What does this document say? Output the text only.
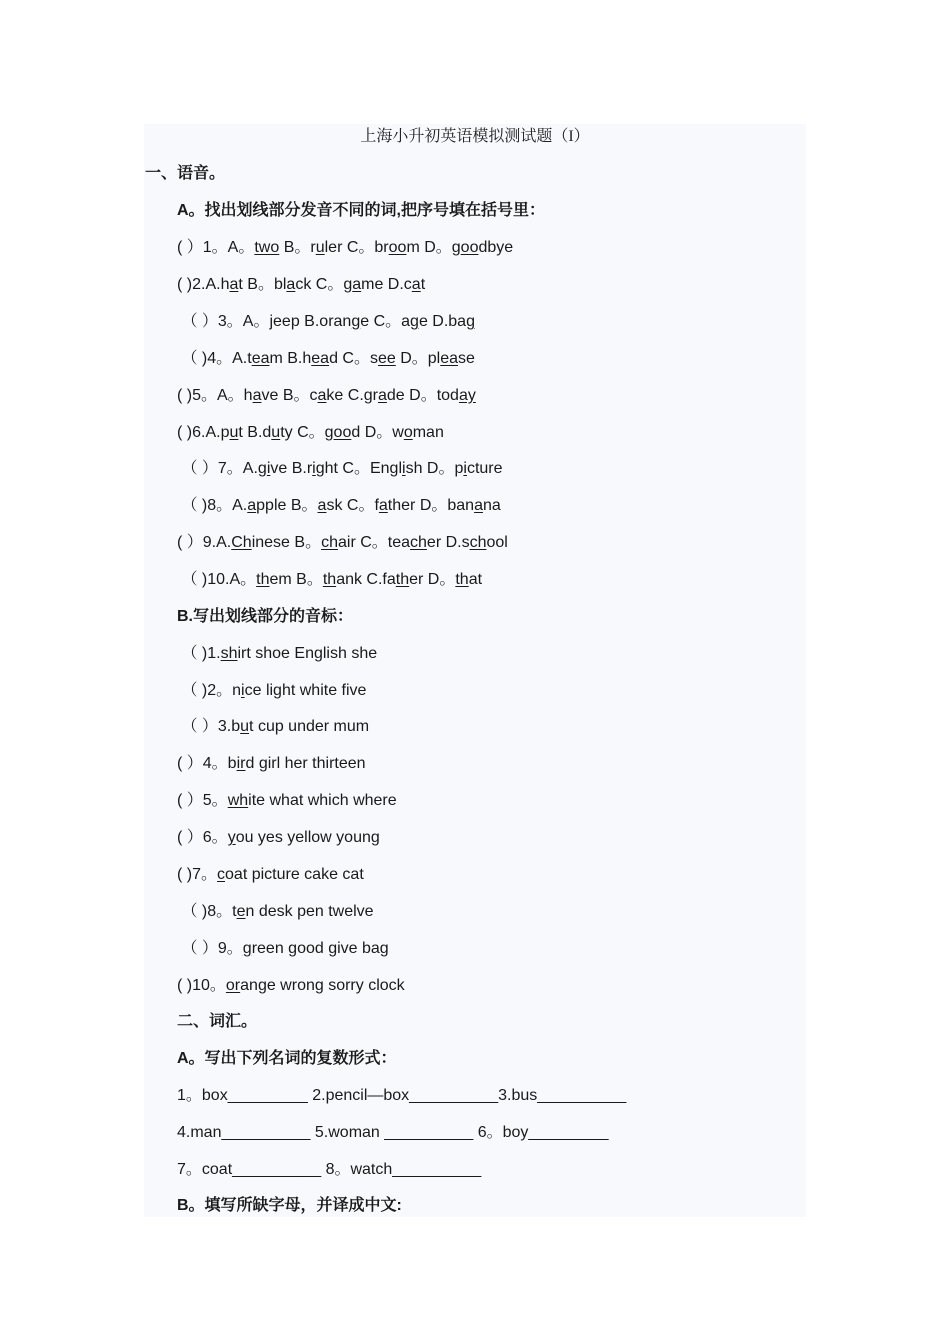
上海小升初英语模拟测试题（I）
一、语音。
A。找出划线部分发音不同的词,把序号填在括号里：
( ）1。A。two B。ruler C。broom D。goodbye
( )2.A.hat B。black C。game D.cat
（ ）3。A。jeep B.orange C。age D.bag
（ )4。A.team B.head C。see D。please
( )5。A。have B。cake C.grade D。today
( )6.A.put B.duty C。good D。woman
（ ）7。A.give B.right C。English D。picture
（ )8。A.apple B。ask C。father D。banana
( ）9.A.Chinese B。chair C。teacher D.school
（ )10.A。them B。thank C.father D。that
B.写出划线部分的音标：
（ )1.shirt shoe English she
（ )2。nice light white five
（ ）3.but cup under mum
( ）4。bird girl her thirteen
( ）5。white what which where
( ）6。you yes yellow young
( )7。coat picture cake cat
（ )8。ten desk pen twelve
（ ）9。green good give bag
( )10。orange wrong sorry clock
二、词汇。
A。写出下列名词的复数形式：
1。box_________ 2.pencil—box__________3.bus__________
4.man__________ 5.woman __________ 6。boy_________
7。coat__________ 8。watch__________
B。填写所缺字母，并译成中文:
